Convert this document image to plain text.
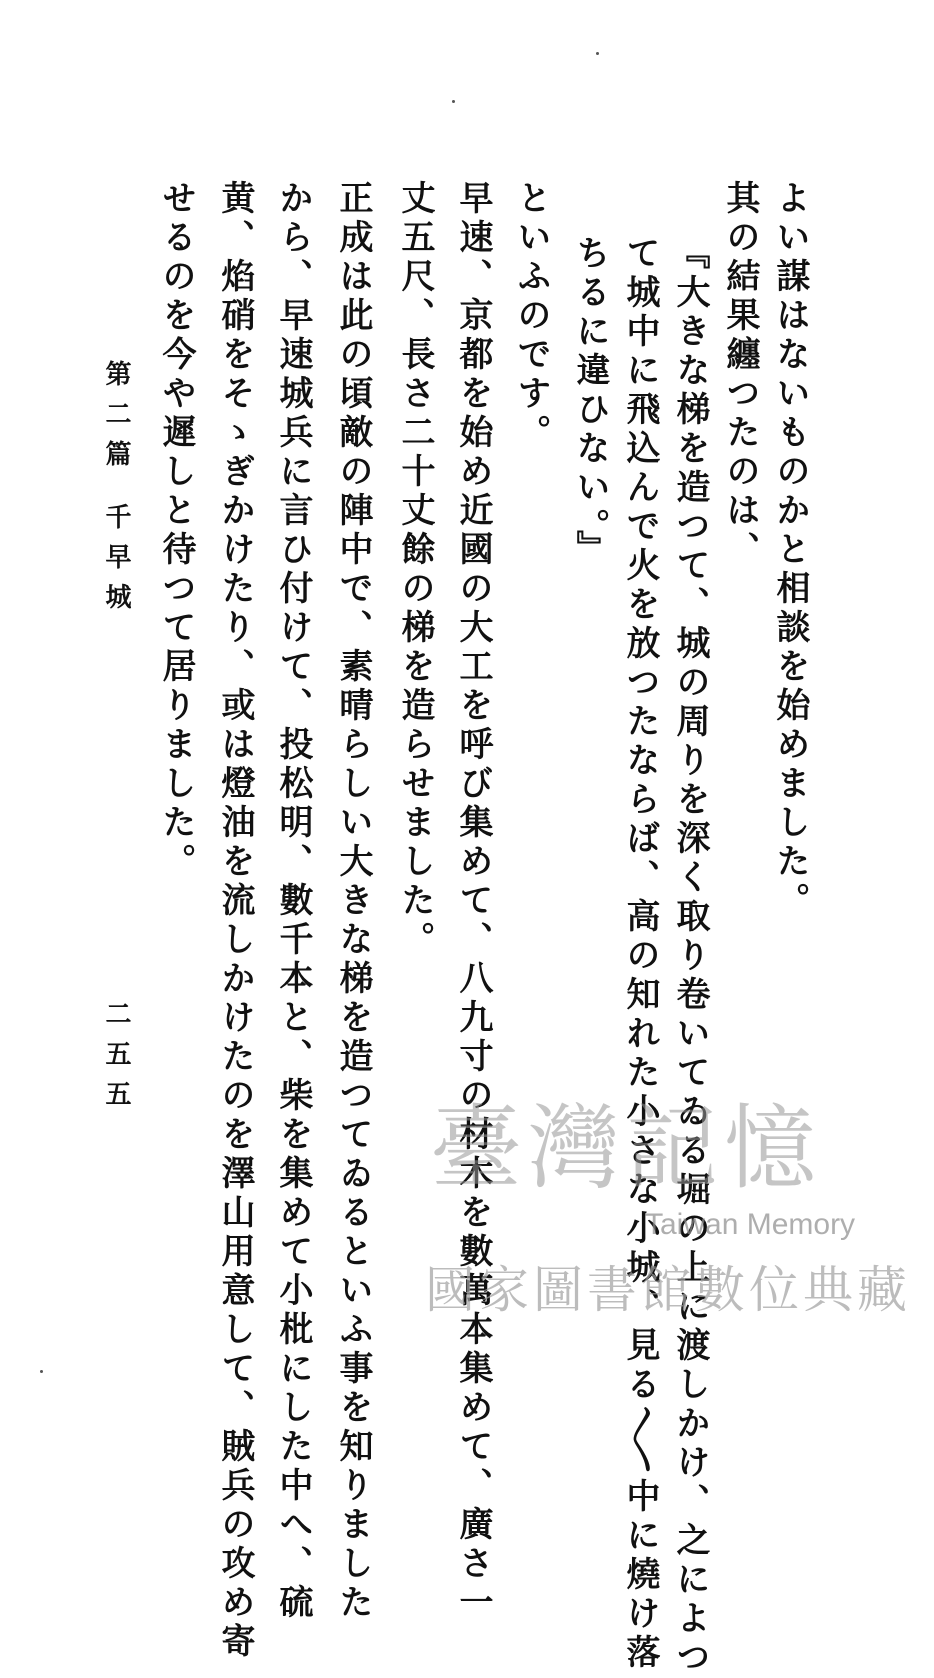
よい謀はないものかと相談を始めました。
其の結果纏つたのは、
『大きな梯を造つて、城の周りを深く取り卷いてゐる堀の上に渡しかけ、之によつ
て城中に飛込んで火を放つたならば、高の知れた小さな小城、見る〳〵中に燒け落
ちるに違ひない。』
といふのです。
早速、京都を始め近國の大工を呼び集めて、八九寸の材木を數萬本集めて、廣さ一
丈五尺、長さ二十丈餘の梯を造らせました。
正成は此の頃敵の陣中で、素晴らしい大きな梯を造つてゐるといふ事を知りました
から、早速城兵に言ひ付けて、投松明、數千本と、柴を集めて小枇にした中へ、硫
黄、焰硝をそゝぎかけたり、或は燈油を流しかけたのを澤山用意して、賊兵の攻め寄
せるのを今や遲しと待つて居りました。
第二篇 千早城
二五五
臺灣記憶
Taiwan Memory
國家圖書館數位典藏
